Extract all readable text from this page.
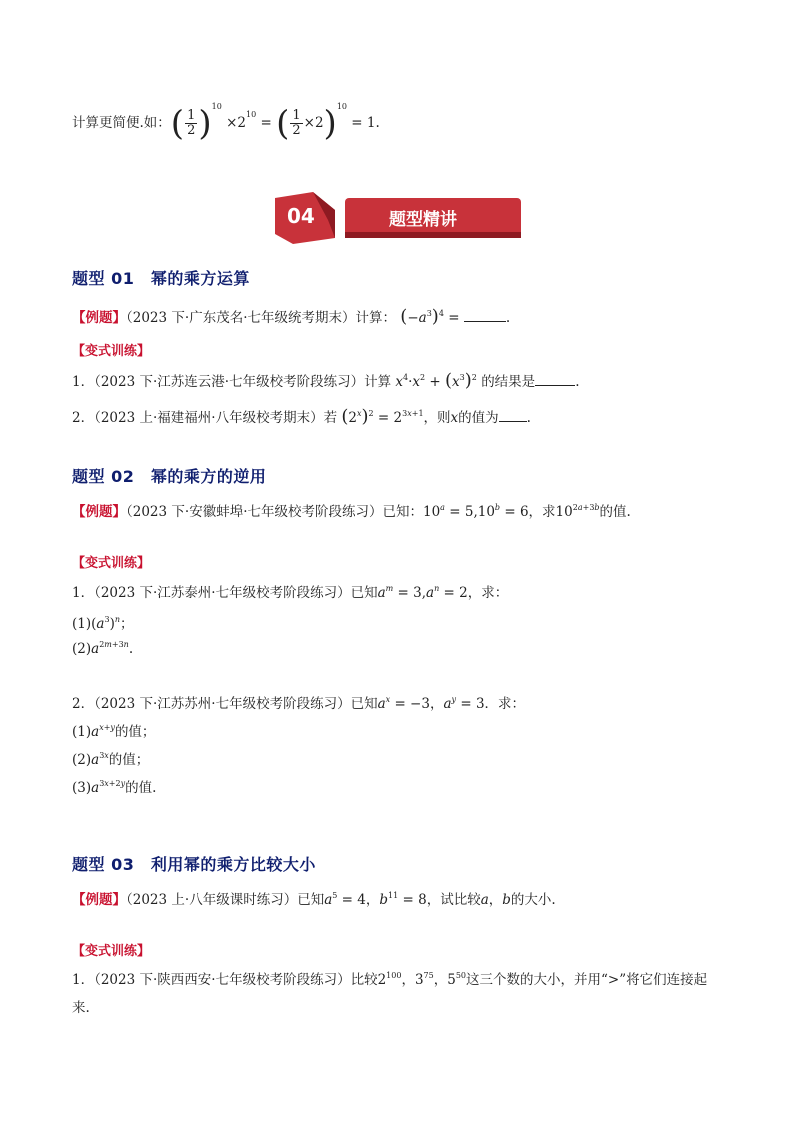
计算更简便.如：( $\frac{1}{2} )^{10} \times 2^{10}$ = ( $\frac{1}{2} \times 2)^{10} = 1$.
04	题型精讲
题型 01　幂的乘方运算
【例题】（2023 下·广东茂名·七年级统考期末）计算： $(-a^3)^4$ =	.
【变式训练】
1．（2023 下·江苏连云港·七年级校考阶段练习）计算 $x^4\cdot x^2 + (x^3)^2$ 的结果是	.
2．（2023 上·福建福州·八年级校考期末）若 $(2^x)^2 = 2^{3x+1}$，则x的值为 .
题型 02　幂的乘方的逆用
【例题】（2023 下·安徽蚌埠·七年级校考阶段练习）已知：$10^a = 5,10^b = 6$，求$10^{2a+3b}$的值.
【变式训练】
1．（2023 下·江苏泰州·七年级校考阶段练习）已知$a^m = 3,a^n = 2$，求：
$(1)(a^3)^n$；
$(2)a^{2m+3n}$.
2．（2023 下·江苏苏州·七年级校考阶段练习）已知$a^x = -3$，$a^y = 3$．求：
$(1)a^{x+y}$的值；
$(2)a^{3x}$的值；
$(3)a^{3x+2y}$的值.
题型 03　利用幂的乘方比较大小
【例题】（2023 上·八年级课时练习）已知$a^5 = 4$，$b^{11} = 8$，试比较a，b的大小.
【变式训练】
1．（2023 下·陕西西安·七年级校考阶段练习）比较$2^{100}$，$3^{75}$，$5^{50}$这三个数的大小，并用“>”将它们连接起
来.
